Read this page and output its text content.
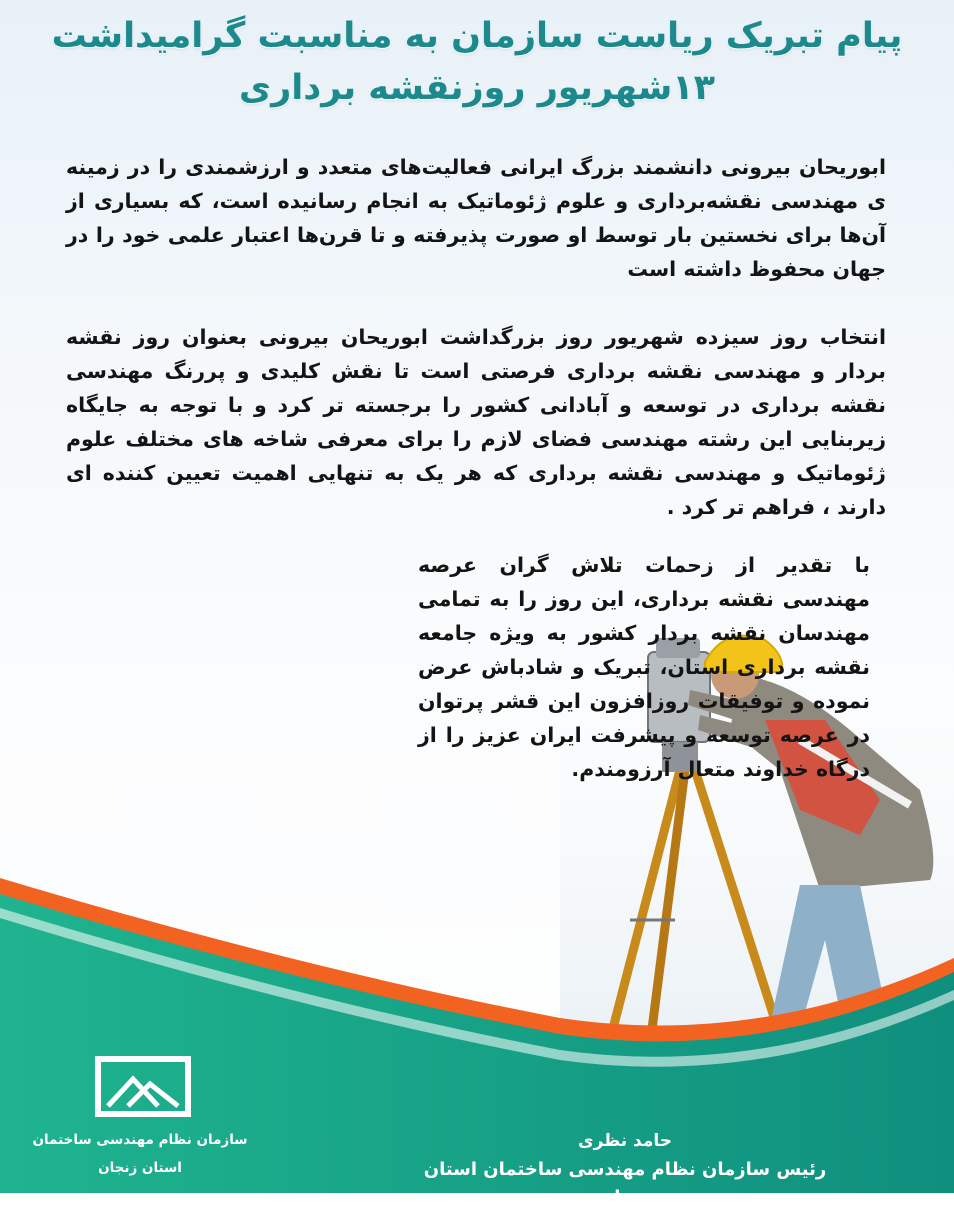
پیام تبریک ریاست سازمان به مناسبت گرامیداشت
۱۳شهریور روزنقشه برداری

ابوریحان بیرونی دانشمند بزرگ ایرانی فعالیت‌های متعدد و ارزشمندی را در زمینه ی مهندسی نقشه‌برداری و علوم ژئوماتیک به انجام رسانیده است، که بسیاری از آن‌ها برای نخستین بار توسط او صورت پذیرفته و تا قرن‌ها اعتبار علمی خود را در جهان محفوظ داشته است

انتخاب روز سیزده شهریور روز بزرگداشت ابوریحان بیرونی بعنوان روز نقشه بردار و مهندسی نقشه برداری فرصتی است تا نقش کلیدی و پررنگ مهندسی نقشه برداری در توسعه و آبادانی کشور را برجسته تر کرد و با توجه به جایگاه زیربنایی این رشته مهندسی فضای لازم را برای معرفی شاخه های مختلف علوم ژئوماتیک و مهندسی نقشه برداری که هر یک به تنهایی اهمیت تعیین کننده ای دارند ، فراهم تر کرد .

با تقدیر از زحمات تلاش گران عرصه مهندسی نقشه برداری، این روز را به تمامی مهندسان نقشه بردار کشور به ویژه جامعه نقشه برداری استان، تبریک و شادباش عرض نموده و توفیقات روزافزون این قشر پرتوان در عرصه توسعه و پیشرفت ایران عزیز را از درگاه خداوند متعال آرزومندم.

سازمان نظام مهندسی ساختمان
استان زنجان
حامد نظری
رئیس سازمان نظام مهندسی ساختمان استان زنجان
